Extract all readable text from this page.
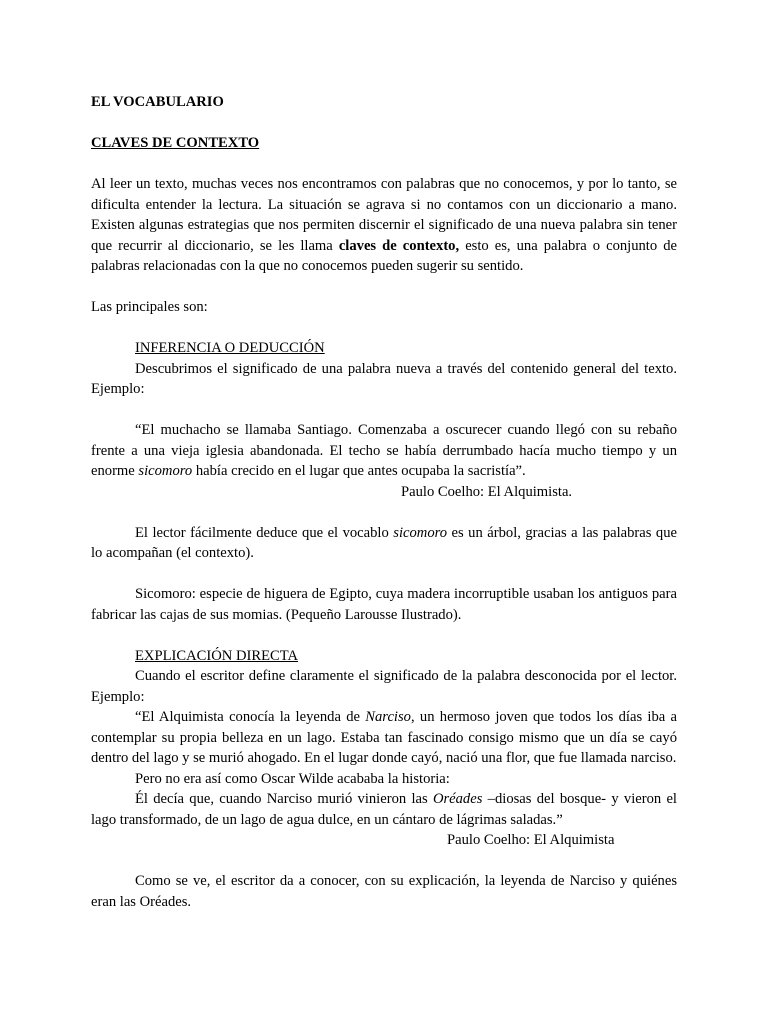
EL VOCABULARIO

CLAVES DE CONTEXTO

Al leer un texto, muchas veces nos encontramos con palabras que no conocemos, y por lo tanto, se dificulta entender la lectura. La situación se agrava si no contamos con un diccionario a mano. Existen algunas estrategias que nos permiten discernir el significado de una nueva palabra sin tener que recurrir al diccionario, se les llama claves de contexto, esto es, una palabra o conjunto de palabras relacionadas con la que no conocemos pueden sugerir su sentido.

Las principales son:

INFERENCIA O DEDUCCIÓN

Descubrimos el significado de una palabra nueva a través del contenido general del texto. Ejemplo:

“El muchacho se llamaba Santiago. Comenzaba a oscurecer cuando llegó con su rebaño frente a una vieja iglesia abandonada. El techo se había derrumbado hacía mucho tiempo y un enorme sicomoro había crecido en el lugar que antes ocupaba la sacristía”.

Paulo Coelho: El Alquimista.

El lector fácilmente deduce que el vocablo sicomoro es un árbol, gracias a las palabras que lo acompañan (el contexto).

Sicomoro: especie de higuera de Egipto, cuya madera incorruptible usaban los antiguos para fabricar las cajas de sus momias. (Pequeño Larousse Ilustrado).

EXPLICACIÓN DIRECTA

Cuando el escritor define claramente el significado de la palabra desconocida por el lector. Ejemplo:

“El Alquimista conocía la leyenda de Narciso, un hermoso joven que todos los días iba a contemplar su propia belleza en un lago. Estaba tan fascinado consigo mismo que un día se cayó dentro del lago y se murió ahogado. En el lugar donde cayó, nació una flor, que fue llamada narciso.

Pero no era así como Oscar Wilde acababa la historia:

Él decía que, cuando Narciso murió vinieron las Oréades –diosas del bosque- y vieron el lago transformado, de un lago de agua dulce, en un cántaro de lágrimas saladas.”

Paulo Coelho: El Alquimista

Como se ve, el escritor da a conocer, con su explicación, la leyenda de Narciso y quiénes eran las Oréades.
